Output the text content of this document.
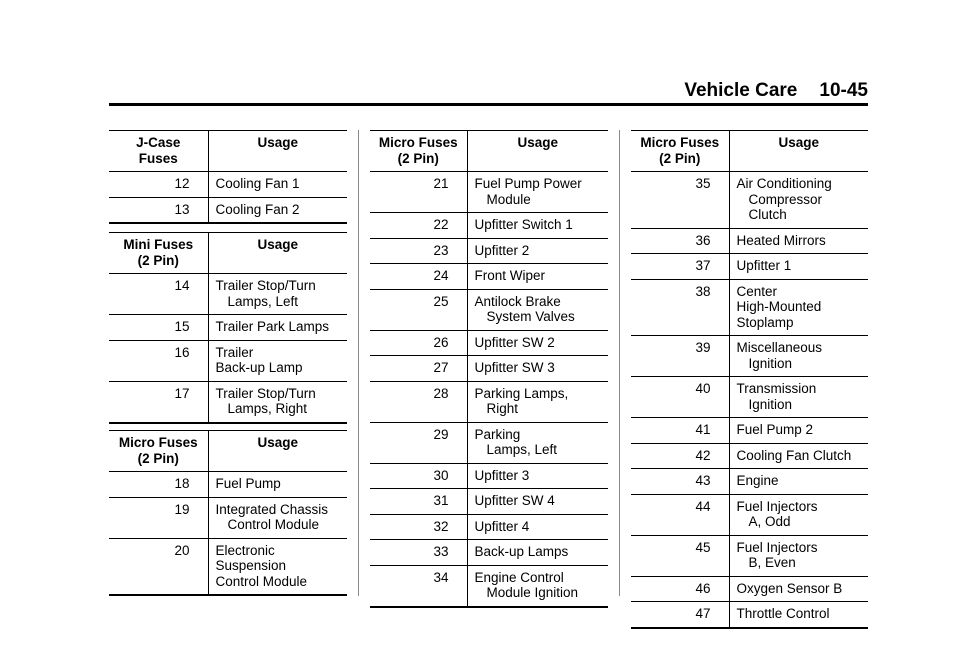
Vehicle Care 10-45
J-Case
Fuses	Usage
12	Cooling Fan 1
13	Cooling Fan 2
Mini Fuses
(2 Pin)	Usage
14	Trailer Stop/Turn
Lamps, Left

15	Trailer Park Lamps
16	Trailer
Back-up Lamp

17	Trailer Stop/Turn
Lamps, Right
Micro Fuses
(2 Pin)	Usage
18	Fuel Pump
19	Integrated Chassis
Control Module

20	Electronic
Suspension
Control Module
Micro Fuses
(2 Pin)	Usage
21	Fuel Pump Power
Module

22	Upfitter Switch 1
23	Upfitter 2
24	Front Wiper
25	Antilock Brake
System Valves

26	Upfitter SW 2
27	Upfitter SW 3
28	Parking Lamps,
Right

29	Parking
Lamps, Left

30	Upfitter 3
31	Upfitter SW 4
32	Upfitter 4
33	Back-up Lamps
34	Engine Control
Module Ignition
Micro Fuses
(2 Pin)	Usage
35	Air Conditioning
Compressor Clutch

36	Heated Mirrors
37	Upfitter 1
38	Center
High-Mounted
Stoplamp

39	Miscellaneous
Ignition

40	Transmission
Ignition

41	Fuel Pump 2
42	Cooling Fan Clutch
43	Engine
44	Fuel Injectors
A, Odd

45	Fuel Injectors
B, Even

46	Oxygen Sensor B
47	Throttle Control
